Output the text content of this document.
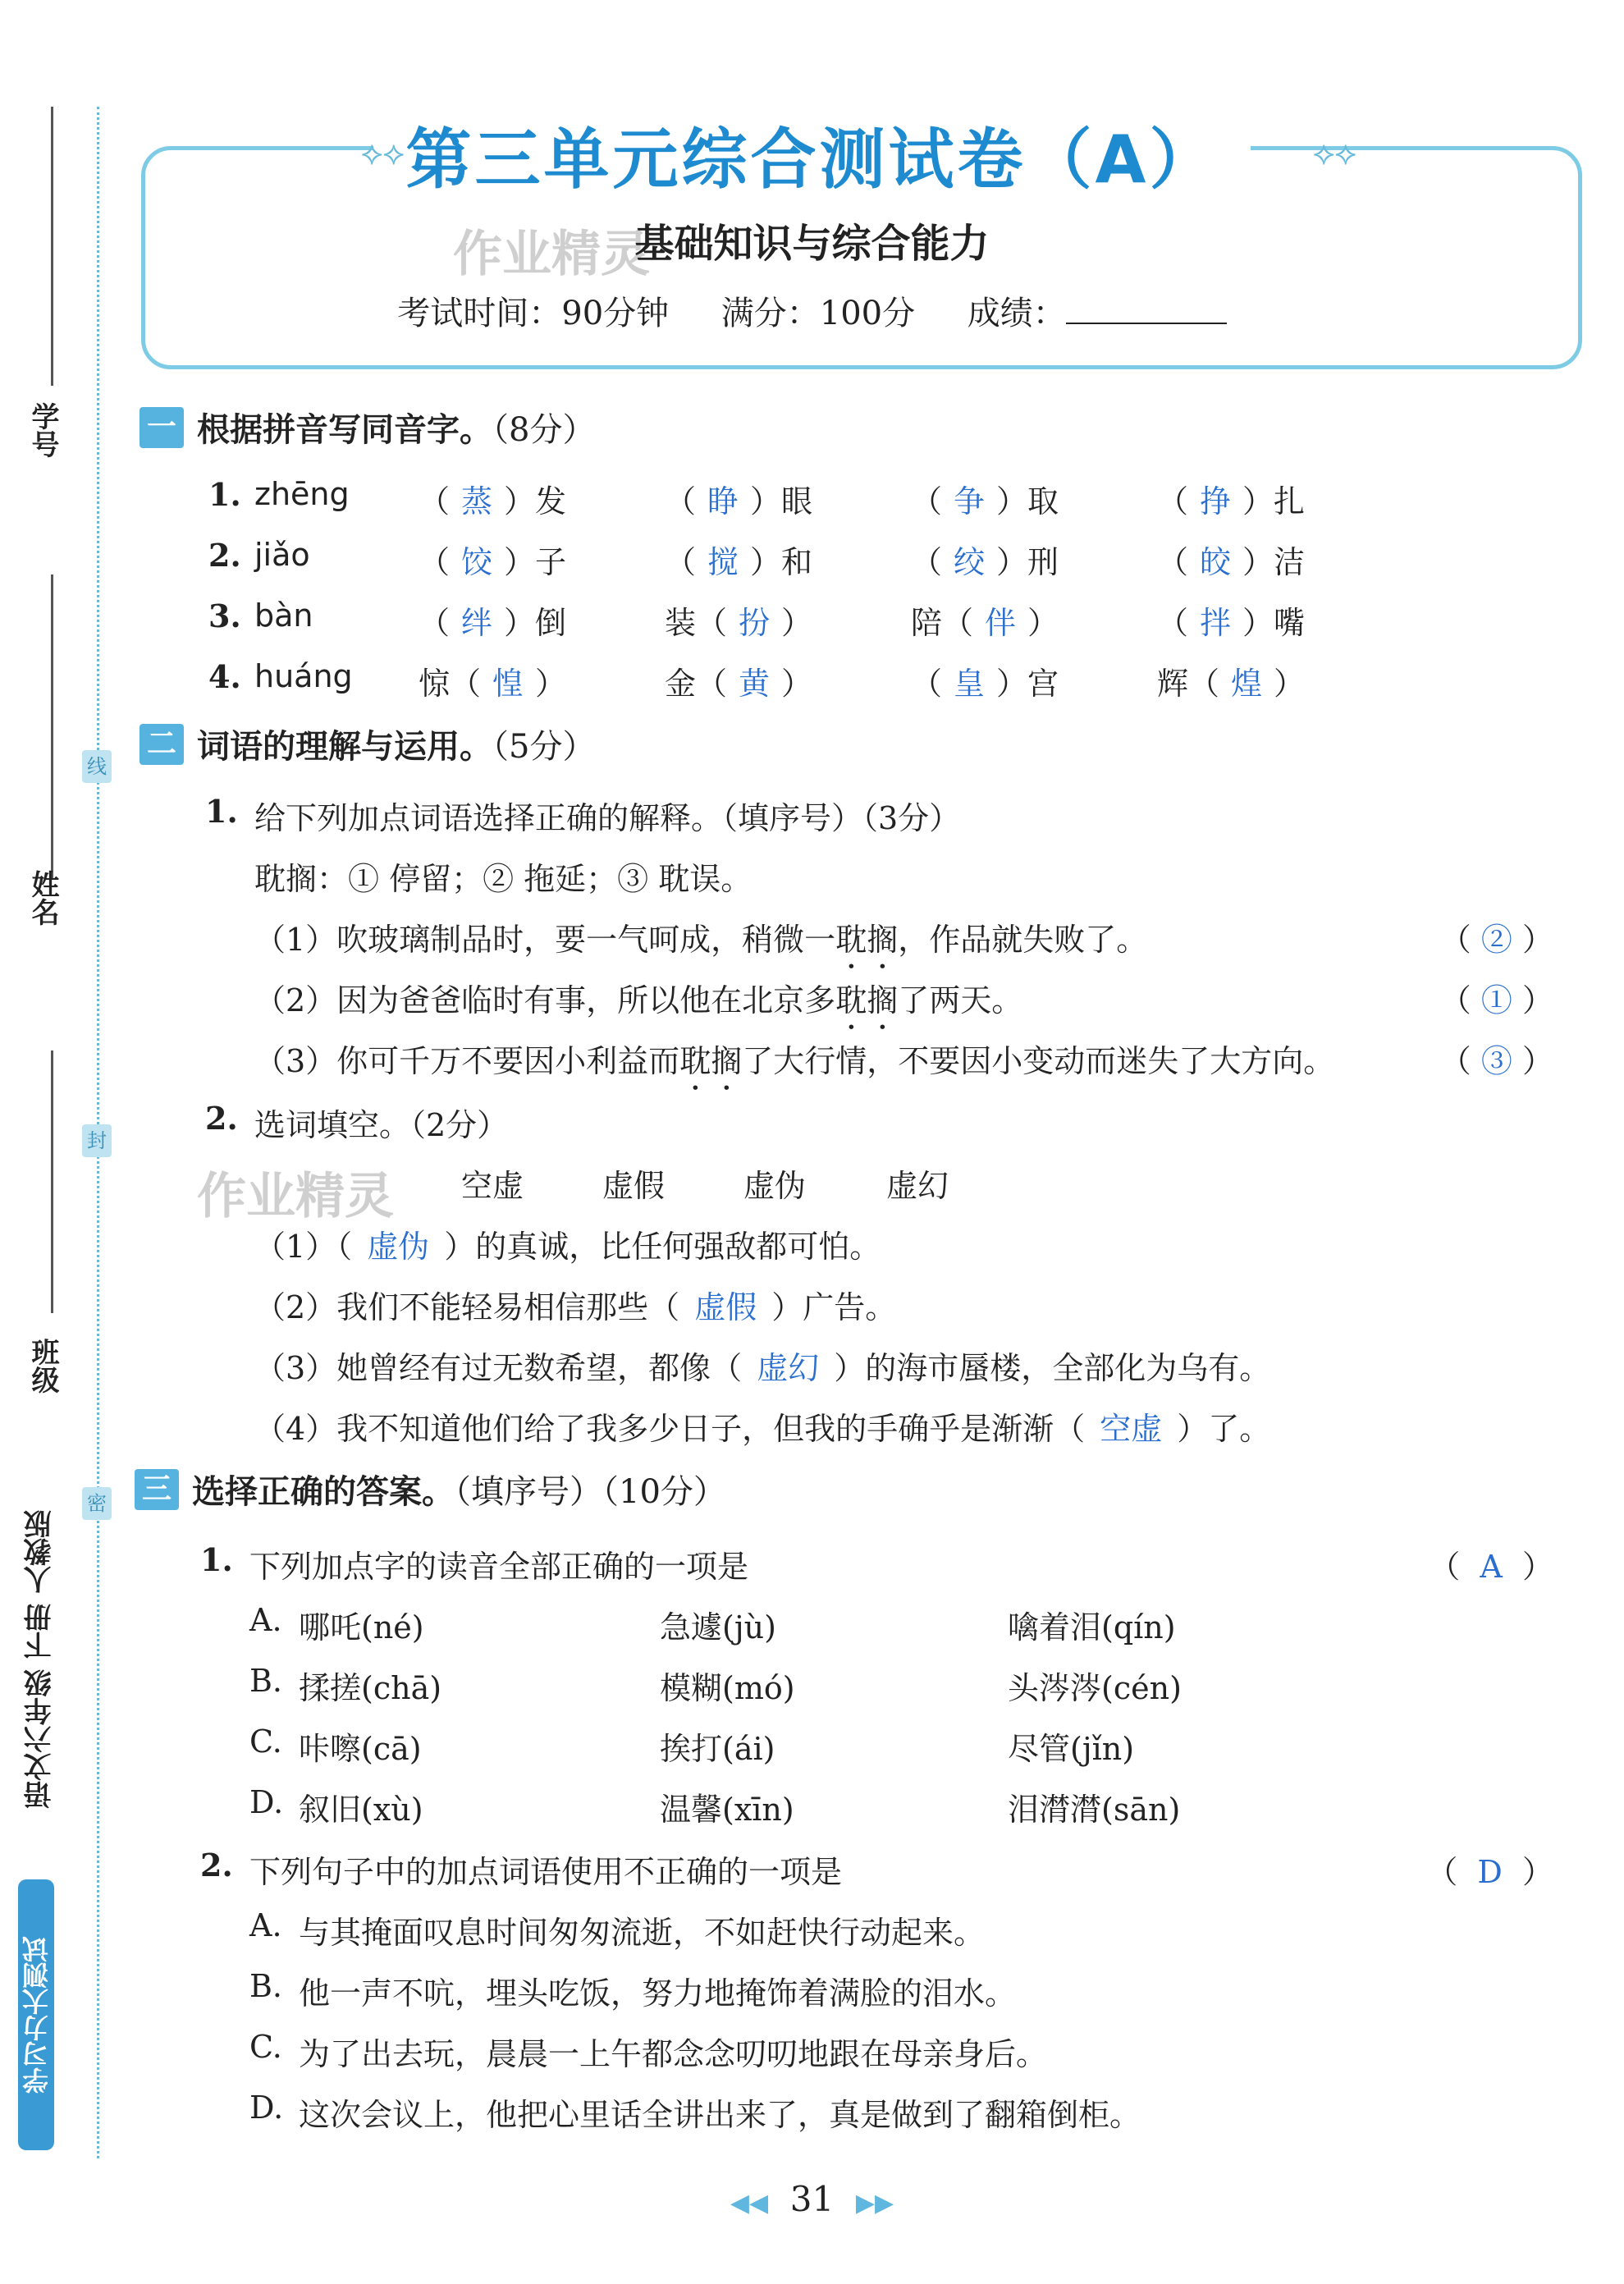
学号
姓名
班级
线
封
密
语文六年级 下册 人教版
学习力大测试
第三单元综合测试卷（A）
⟡⟡	⟡⟡
作业精灵
基础知识与综合能力
考试时间：90分钟 满分：100分 成绩：
一 根据拼音写同音字。（8分）
1. zhēng （ 蒸 ）发	（ 睁 ）眼	（ 争 ）取	（ 挣 ）扎
2. jiǎo	（ 饺 ）子	（ 搅 ）和	（ 绞 ）刑	（ 皎 ）洁
3. bàn	（ 绊 ）倒	装（ 扮 ）	陪（ 伴 ）	（ 拌 ）嘴
4. huáng 惊（ 惶 ）	金（ 黄 ）	（ 皇 ）宫	辉（ 煌 ）
二 词语的理解与运用。（5分）
1. 给下列加点词语选择正确的解释。（填序号）（3分）
耽搁：① 停留；② 拖延；③ 耽误。
（1）吹玻璃制品时，要一气呵成，稍微一耽搁，作品就失败了。	（ ② ）
（2）因为爸爸临时有事，所以他在北京多耽搁了两天。	（ ① ）
（3）你可千万不要因小利益而耽搁了大行情，不要因小变动而迷失了大方向。	（ ③ ）
2. 选词填空。（2分）
作业精灵 空虚	虚假	虚伪	虚幻
（1）（ 虚伪 ）的真诚，比任何强敌都可怕。
（2）我们不能轻易相信那些（ 虚假 ）广告。
（3）她曾经有过无数希望，都像（ 虚幻 ）的海市蜃楼，全部化为乌有。
（4）我不知道他们给了我多少日子，但我的手确乎是渐渐（ 空虚 ）了。
三 选择正确的答案。（填序号）（10分）
1. 下列加点字的读音全部正确的一项是	（  A  ）
A. 哪吒(né)	急遽(jù)	噙着泪(qín)
B. 揉搓(chā)	模糊(mó)	头涔涔(cén)
C. 咔嚓(cā)	挨打(ái)	尽管(jǐn)
D. 叙旧(xù)	温馨(xīn)	泪潸潸(sān)
2. 下列句子中的加点词语使用不正确的一项是	（  D  ）
A. 与其掩面叹息时间匆匆流逝，不如赶快行动起来。
B. 他一声不吭，埋头吃饭，努力地掩饰着满脸的泪水。
C. 为了出去玩，晨晨一上午都念念叨叨地跟在母亲身后。
D. 这次会议上，他把心里话全讲出来了，真是做到了翻箱倒柜。
◀◀ 31 ▶▶
